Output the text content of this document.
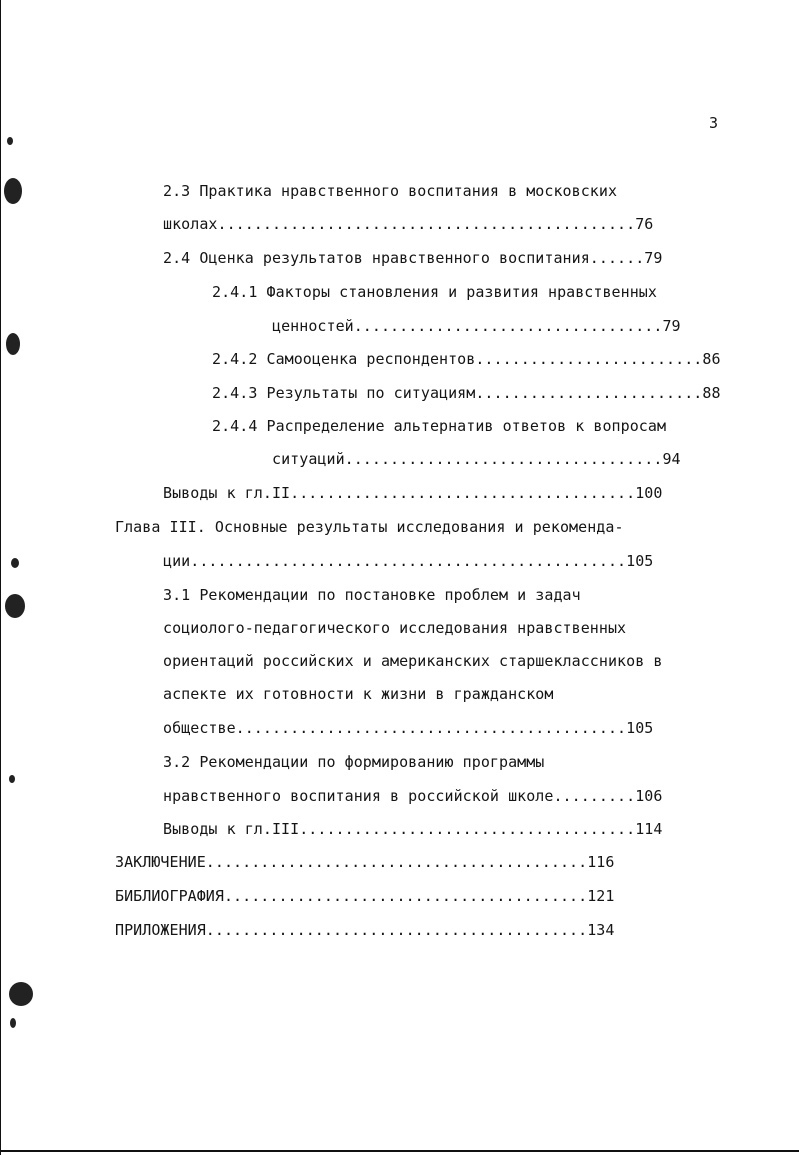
3
2.3 Практика нравственного воспитания в московских
школах..............................................76
2.4 Оценка результатов нравственного воспитания......79
2.4.1 Факторы становления и развития нравственных
ценностей..................................79
2.4.2 Самооценка респондентов.........................86
2.4.3 Результаты по ситуациям.........................88
2.4.4 Распределение альтернатив ответов к вопросам
ситуаций...................................94
Выводы к гл.II......................................100
Глава III. Основные результаты исследования и рекоменда-
ции................................................105
3.1 Рекомендации по постановке проблем и задач
социолого-педагогического исследования нравственных
ориентаций российских и американских старшеклассников в
аспекте их готовности к жизни в гражданском
обществе...........................................105
3.2 Рекомендации по формированию программы
нравственного воспитания в российской школе.........106
Выводы к гл.III.....................................114
ЗАКЛЮЧЕНИЕ..........................................116
БИБЛИОГРАФИЯ........................................121
ПРИЛОЖЕНИЯ..........................................134
